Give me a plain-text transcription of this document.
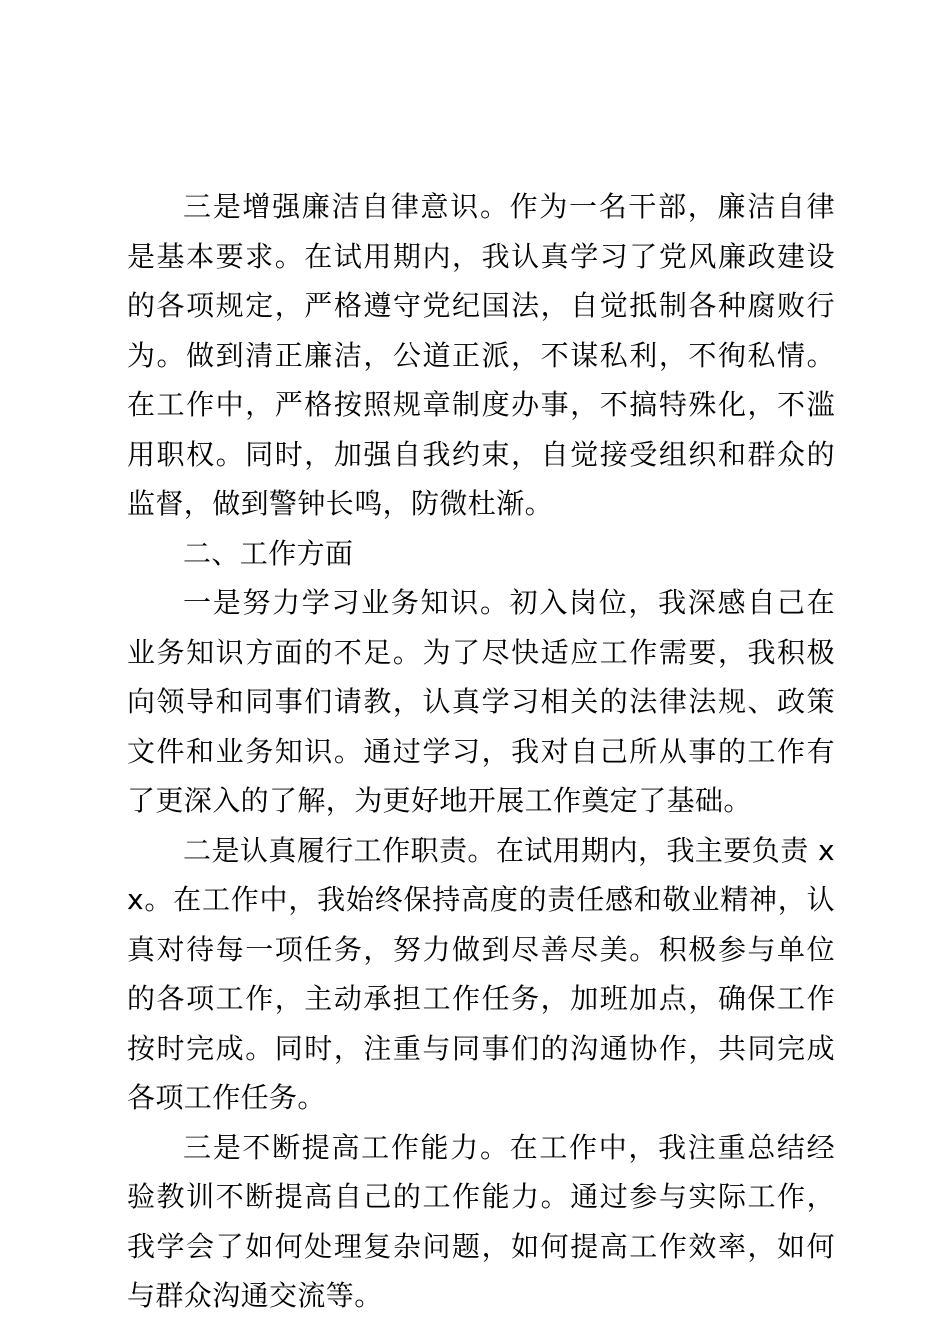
三是增强廉洁自律意识。作为一名干部，廉洁自律是基本要求。在试用期内，我认真学习了党风廉政建设的各项规定，严格遵守党纪国法，自觉抵制各种腐败行为。做到清正廉洁，公道正派，不谋私利，不徇私情。在工作中，严格按照规章制度办事，不搞特殊化，不滥用职权。同时，加强自我约束，自觉接受组织和群众的监督，做到警钟长鸣，防微杜渐。

二、工作方面

一是努力学习业务知识。初入岗位，我深感自己在业务知识方面的不足。为了尽快适应工作需要，我积极向领导和同事们请教，认真学习相关的法律法规、政策文件和业务知识。通过学习，我对自己所从事的工作有了更深入的了解，为更好地开展工作奠定了基础。

二是认真履行工作职责。在试用期内，我主要负责 xx。在工作中，我始终保持高度的责任感和敬业精神，认真对待每一项任务，努力做到尽善尽美。积极参与单位的各项工作，主动承担工作任务，加班加点，确保工作按时完成。同时，注重与同事们的沟通协作，共同完成各项工作任务。

三是不断提高工作能力。在工作中，我注重总结经验教训不断提高自己的工作能力。通过参与实际工作，我学会了如何处理复杂问题，如何提高工作效率，如何与群众沟通交流等。
